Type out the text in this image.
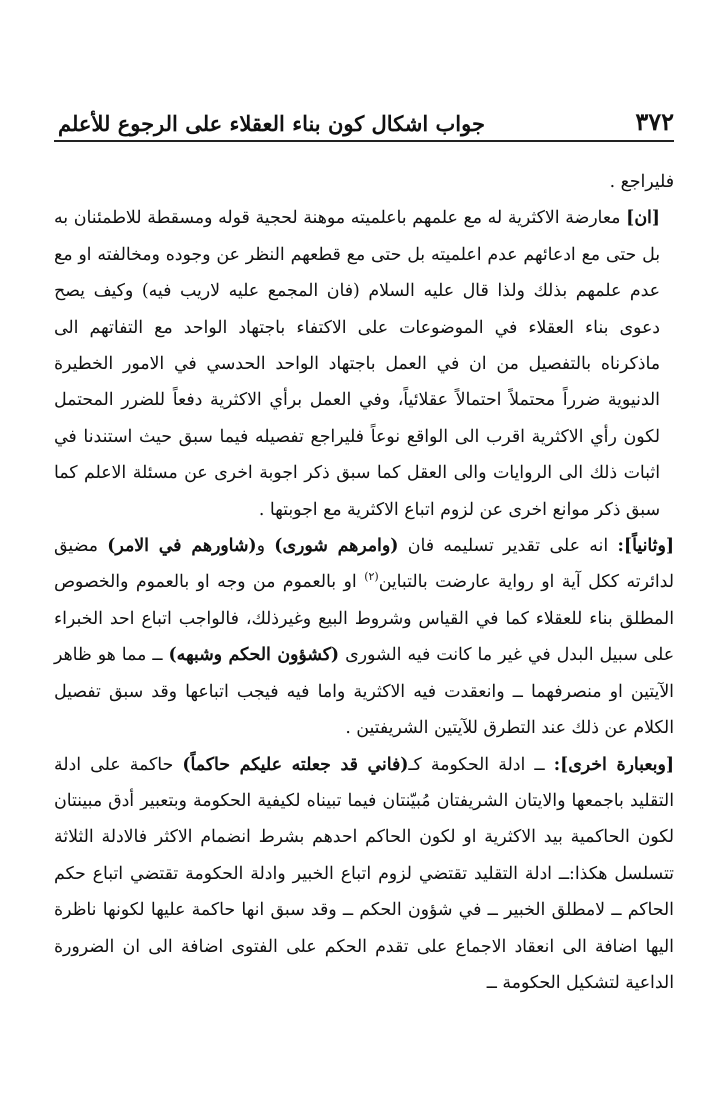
٣٧٢
جواب اشكال كون بناء العقلاء على الرجوع للأعلم

فليراجع .

[ان] معارضة الاكثرية له مع علمهم باعلميته موهنة لحجية قوله ومسقطة للاطمئنان به بل حتى مع ادعائهم عدم اعلميته بل حتى مع قطعهم النظر عن وجوده ومخالفته او مع عدم علمهم بذلك ولذا قال عليه السلام (فان المجمع عليه لاريب فيه) وكيف يصح دعوى بناء العقلاء في الموضوعات على الاكتفاء باجتهاد الواحد مع التفاتهم الى ماذكرناه بالتفصيل من ان في العمل باجتهاد الواحد الحدسي في الامور الخطيرة الدنيوية ضرراً محتملاً احتمالاً عقلائياً، وفي العمل برأي الاكثرية دفعاً للضرر المحتمل لكون رأي الاكثرية اقرب الى الواقع نوعاً فليراجع تفصيله فيما سبق حيث استندنا في اثبات ذلك الى الروايات والى العقل كما سبق ذكر اجوبة اخرى عن مسئلة الاعلم كما سبق ذكر موانع اخرى عن لزوم اتباع الاكثرية مع اجوبتها .

[وثانياً]: انه على تقدير تسليمه فان (وامرهم شورى) و(شاورهم في الامر) مضيق لدائرته ككل آية او رواية عارضت بالتباين$^{(٢)}$ او بالعموم من وجه او بالعموم والخصوص المطلق بناء للعقلاء كما في القياس وشروط البيع وغيرذلك، فالواجب اتباع احد الخبراء على سبيل البدل في غير ما كانت فيه الشورى (كشؤون الحكم وشبهه) ــ مما هو ظاهر الآيتين او منصرفهما ــ وانعقدت فيه الاكثرية واما فيه فيجب اتباعها وقد سبق تفصيل الكلام عن ذلك عند التطرق للآيتين الشريفتين .

[وبعبارة اخرى]: ــ ادلة الحكومة كـ(فاني قد جعلته عليكم حاكماً) حاكمة على ادلة التقليد باجمعها والايتان الشريفتان مُبيّنتان فيما تبيناه لكيفية الحكومة وبتعبير أدق مبينتان لكون الحاكمية بيد الاكثرية او لكون الحاكم احدهم بشرط انضمام الاكثر فالادلة الثلاثة تتسلسل هكذا:ــ ادلة التقليد تقتضي لزوم اتباع الخبير وادلة الحكومة تقتضي اتباع حكم الحاكم ــ لامطلق الخبير ــ في شؤون الحكم ــ وقد سبق انها حاكمة عليها لكونها ناظرة اليها اضافة الى انعقاد الاجماع على تقدم الحكم على الفتوى اضافة الى ان الضرورة الداعية لتشكيل الحكومة ــ
